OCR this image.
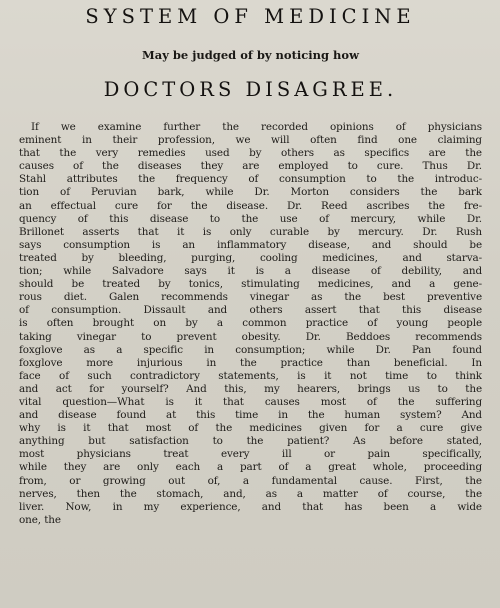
SYSTEM OF MEDICINE
May be judged of by noticing how
DOCTORS DISAGREE.
If we examine further the recorded opinions of physicians
eminent in their profession, we will often find one claiming
that the very remedies used by others as specifics are the
causes of the diseases they are employed to cure. Thus Dr.
Stahl attributes the frequency of consumption to the introduc-
tion of Peruvian bark, while Dr. Morton considers the bark
an effectual cure for the disease. Dr. Reed ascribes the fre-
quency of this disease to the use of mercury, while Dr.
Brillonet asserts that it is only curable by mercury. Dr. Rush
says consumption is an inflammatory disease, and should be
treated by bleeding, purging, cooling medicines, and starva-
tion; while Salvadore says it is a disease of debility, and
should be treated by tonics, stimulating medicines, and a gene-
rous diet. Galen recommends vinegar as the best preventive
of consumption. Dissault and others assert that this disease
is often brought on by a common practice of young people
taking vinegar to prevent obesity. Dr. Beddoes recommends
foxglove as a specific in consumption; while Dr. Pan found
foxglove more injurious in the practice than beneficial. In
face of such contradictory statements, is it not time to think
and act for yourself? And this, my hearers, brings us to the
vital question—What is it that causes most of the suffering
and disease found at this time in the human system? And
why is it that most of the medicines given for a cure give
anything but satisfaction to the patient? As before stated,
most physicians treat every ill or pain specifically,
while they are only each a part of a great whole, proceeding
from, or growing out of, a fundamental cause. First, the
nerves, then the stomach, and, as a matter of course, the
liver. Now, in my experience, and that has been a wide
one, the
